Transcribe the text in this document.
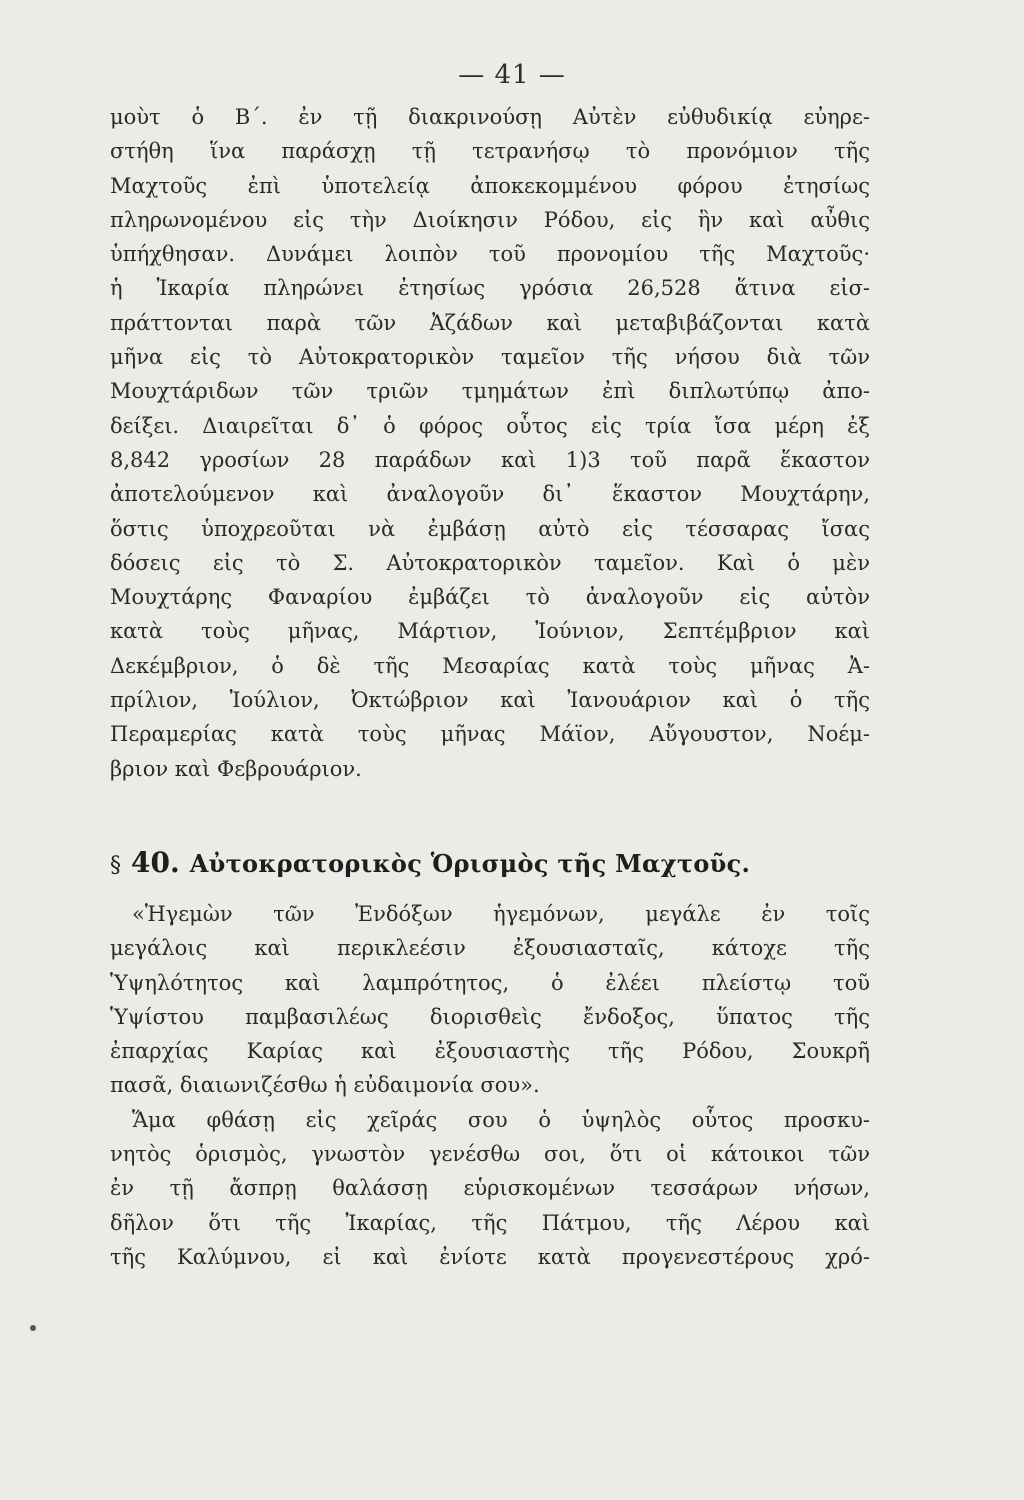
— 41 —
μοὺτ ὁ Β΄. ἐν τῇ διακρινούσῃ Αὐτὲν εὐθυδικίᾳ εὐηρε-
στήθη ἵνα παράσχῃ τῇ τετρανήσῳ τὸ προνόμιον τῆς
Μαχτοῦς ἐπὶ ὑποτελείᾳ ἀποκεκομμένου φόρου ἐτησίως
πληρωνομένου εἰς τὴν Διοίκησιν Ρόδου, εἰς ἣν καὶ αὖθις
ὑπήχθησαν. Δυνάμει λοιπὸν τοῦ προνομίου τῆς Μαχτοῦς·
ἡ Ἰκαρία πληρώνει ἐτησίως γρόσια 26,528 ἅτινα εἰσ-
πράττονται παρὰ τῶν Ἀζάδων καὶ μεταβιβάζονται κατὰ
μῆνα εἰς τὸ Αὐτοκρατορικὸν ταμεῖον τῆς νήσου διὰ τῶν
Μουχτάριδων τῶν τριῶν τμημάτων ἐπὶ διπλωτύπῳ ἀπο-
δείξει. Διαιρεῖται δ᾽ ὁ φόρος οὗτος εἰς τρία ἴσα μέρη ἐξ
8,842 γροσίων 28 παράδων καὶ 1)3 τοῦ παρᾶ ἕκαστον
ἀποτελούμενον καὶ ἀναλογοῦν δι᾽ ἕκαστον Μουχτάρην,
ὅστις ὑποχρεοῦται νὰ ἐμβάσῃ αὐτὸ εἰς τέσσαρας ἴσας
δόσεις εἰς τὸ Σ. Αὐτοκρατορικὸν ταμεῖον. Καὶ ὁ μὲν
Μουχτάρης Φαναρίου ἐμβάζει τὸ ἀναλογοῦν εἰς αὐτὸν
κατὰ τοὺς μῆνας, Μάρτιον, Ἰούνιον, Σεπτέμβριον καὶ
Δεκέμβριον, ὁ δὲ τῆς Μεσαρίας κατὰ τοὺς μῆνας Ἀ-
πρίλιον, Ἰούλιον, Ὀκτώβριον καὶ Ἰανουάριον καὶ ὁ τῆς
Περαμερίας κατὰ τοὺς μῆνας Μάϊον, Αὔγουστον, Νοέμ-
βριον καὶ Φεβρουάριον.
§ 40. Αὐτοκρατορικὸς Ὁρισμὸς τῆς Μαχτοῦς.
«Ἡγεμὼν τῶν Ἐνδόξων ἡγεμόνων, μεγάλε ἐν τοῖς
μεγάλοις καὶ περικλεέσιν ἐξουσιασταῖς, κάτοχε τῆς
Ὑψηλότητος καὶ λαμπρότητος, ὁ ἐλέει πλείστῳ τοῦ
Ὑψίστου παμβασιλέως διορισθεὶς ἔνδοξος, ὕπατος τῆς
ἐπαρχίας Καρίας καὶ ἐξουσιαστὴς τῆς Ρόδου, Σουκρῆ
πασᾶ, διαιωνιζέσθω ἡ εὐδαιμονία σου».
Ἅμα φθάσῃ εἰς χεῖράς σου ὁ ὑψηλὸς οὗτος προσκυ-
νητὸς ὁρισμὸς, γνωστὸν γενέσθω σοι, ὅτι οἱ κάτοικοι τῶν
ἐν τῇ ἄσπρῃ θαλάσσῃ εὑρισκομένων τεσσάρων νήσων,
δῆλον ὅτι τῆς Ἰκαρίας, τῆς Πάτμου, τῆς Λέρου καὶ
τῆς Καλύμνου, εἰ καὶ ἐνίοτε κατὰ προγενεστέρους χρό-
